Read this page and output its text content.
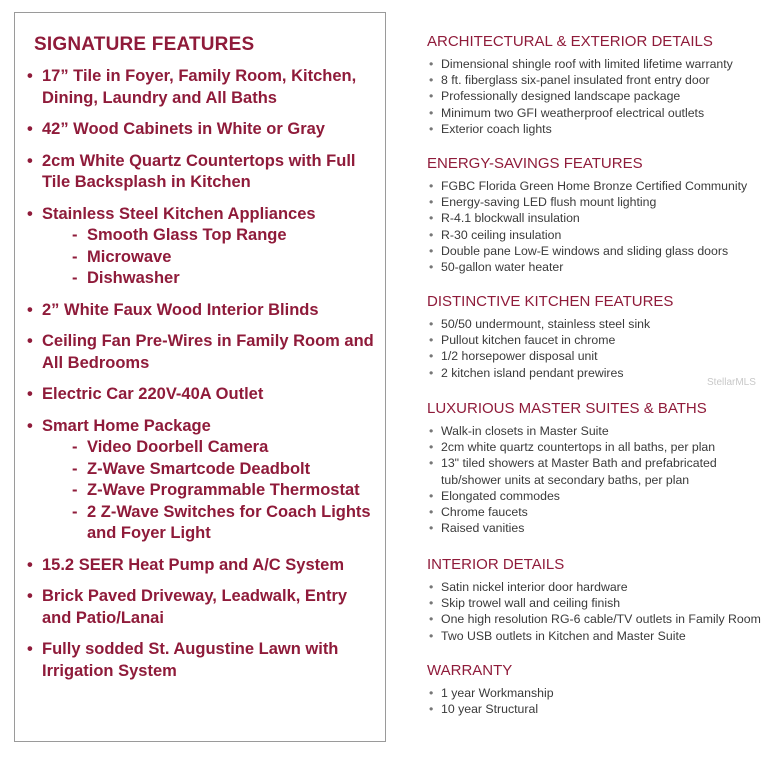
SIGNATURE FEATURES
• 17” Tile in Foyer, Family Room, Kitchen, Dining, Laundry and All Baths
• 42” Wood Cabinets in White or Gray
• 2cm White Quartz Countertops with Full Tile Backsplash in Kitchen
• Stainless Steel Kitchen Appliances
- Smooth Glass Top Range
- Microwave
- Dishwasher
• 2” White Faux Wood Interior Blinds
• Ceiling Fan Pre-Wires in Family Room and All Bedrooms
• Electric Car 220V-40A Outlet
• Smart Home Package
- Video Doorbell Camera
- Z-Wave Smartcode Deadbolt
- Z-Wave Programmable Thermostat
- 2 Z-Wave Switches for Coach Lights and Foyer Light
• 15.2 SEER Heat Pump and A/C System
• Brick Paved Driveway, Leadwalk, Entry and Patio/Lanai
• Fully sodded St. Augustine Lawn with Irrigation System
ARCHITECTURAL & EXTERIOR DETAILS
• Dimensional shingle roof with limited lifetime warranty
• 8 ft. fiberglass six-panel insulated front entry door
• Professionally designed landscape package
• Minimum two GFI weatherproof electrical outlets
• Exterior coach lights
ENERGY-SAVINGS FEATURES
• FGBC Florida Green Home Bronze Certified Community
• Energy-saving LED flush mount lighting
• R-4.1 blockwall insulation
• R-30 ceiling insulation
• Double pane Low-E windows and sliding glass doors
• 50-gallon water heater
DISTINCTIVE KITCHEN FEATURES
• 50/50 undermount, stainless steel sink
• Pullout kitchen faucet in chrome
• 1/2 horsepower disposal unit
• 2 kitchen island pendant prewires
LUXURIOUS MASTER SUITES & BATHS
• Walk-in closets in Master Suite
• 2cm white quartz countertops in all baths, per plan
• 13" tiled showers at Master Bath and prefabricated
tub/shower units at secondary baths, per plan
• Elongated commodes
• Chrome faucets
• Raised vanities
INTERIOR DETAILS
• Satin nickel interior door hardware
• Skip trowel wall and ceiling finish
• One high resolution RG-6 cable/TV outlets in Family Room
• Two USB outlets in Kitchen and Master Suite
WARRANTY
• 1 year Workmanship
• 10 year Structural
StellarMLS
